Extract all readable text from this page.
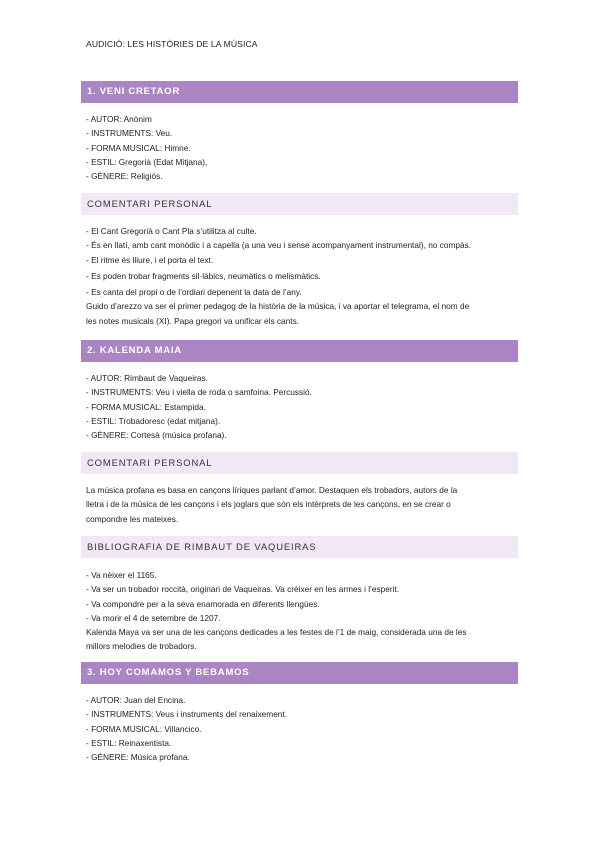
AUDICIÓ: LES HISTÒRIES DE LA MÚSICA
1. VENI CRETAOR
- AUTOR: Anònim
- INSTRUMENTS: Veu.
- FORMA MUSICAL: Himne.
- ESTIL: Gregorià (Edat Mitjana),
- GÈNERE: Religiós.
COMENTARI PERSONAL
- El Cant Gregorià o Cant Pla s’utilitza al culte.
- És en llatí, amb cant monòdic i a capella (a una veu i sense acompanyament instrumental), no compàs.
- El ritme és lliure, i el porta el text.
- Es poden trobar fragments sil·làbics, neumàtics o melismàtics.
- Es canta del propi o de l’ordiari depenent la data de l’any.
Guido d’arezzo va ser el primer pedagog de la història de la música, i va aportar el telegrama, el nom de
les notes musicals (XI). Papa gregori va unificar els cants.
2. KALENDA MAIA
- AUTOR: Rimbaut de Vaqueiras.
- INSTRUMENTS: Veu i viella de roda o samfoina. Percussió.
- FORMA MUSICAL: Estampida.
- ESTIL: Trobadoresc (edat mitjana).
- GÈNERE: Cortesà (música profana).
COMENTARI PERSONAL
La música profana es basa en cançons líriques parlant d’amor. Destaquen els trobadors, autors de la
lletra i de la música de les cançons i els joglars que són els intèrprets de les cançons, en se crear o
compondre les mateixes.
BIBLIOGRAFIA DE RIMBAUT DE VAQUEIRAS
- Va nèixer el 1165.
- Va ser un trobador roccità, originari de Vaqueiras. Va crèixer en les armes i l’esperit.
- Va compondre per a la seva enamorada en diferents llengües.
- Va morir el 4 de setembre de 1207.
Kalenda Maya va ser una de les cançons dedicades a les festes de l’1 de maig, considerada una de les
millors melodies de trobadors.
3. HOY COMAMOS Y BEBAMOS
- AUTOR: Juan del Encina.
- INSTRUMENTS: Veus i instruments del renaixement.
- FORMA MUSICAL: Villancico.
- ESTIL: Reinaxentista.
- GÈNERE: Música profana.
